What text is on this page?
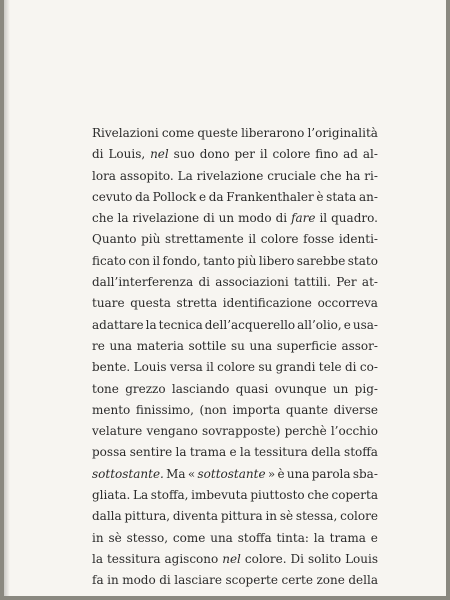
Rivelazioni come queste liberarono l’originalità
di Louis, nel suo dono per il colore fino ad al-
lora assopito. La rivelazione cruciale che ha ri-
cevuto da Pollock e da Frankenthaler è stata an-
che la rivelazione di un modo di fare il quadro.
Quanto più strettamente il colore fosse identi-
ficato con il fondo, tanto più libero sarebbe stato
dall’interferenza di associazioni tattili. Per at-
tuare questa stretta identificazione occorreva
adattare la tecnica dell’acquerello all’olio, e usa-
re una materia sottile su una superficie assor-
bente. Louis versa il colore su grandi tele di co-
tone grezzo lasciando quasi ovunque un pig-
mento finissimo, (non importa quante diverse
velature vengano sovrapposte) perchè l’occhio
possa sentire la trama e la tessitura della stoffa
sottostante. Ma « sottostante » è una parola sba-
gliata. La stoffa, imbevuta piuttosto che coperta
dalla pittura, diventa pittura in sè stessa, colore
in sè stesso, come una stoffa tinta: la trama e
la tessitura agiscono nel colore. Di solito Louis
fa in modo di lasciare scoperte certe zone della
